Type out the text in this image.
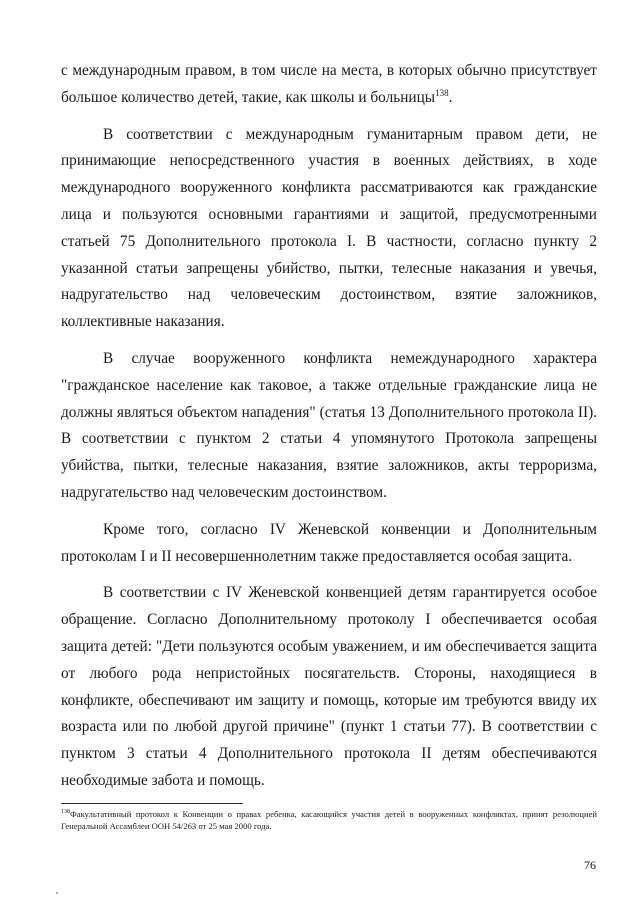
с международным правом, в том числе на места, в которых обычно присутствует большое количество детей, такие, как школы и больницы$^{138}$.

В соответствии с международным гуманитарным правом дети, не принимающие непосредственного участия в военных действиях, в ходе международного вооруженного конфликта рассматриваются как гражданские лица и пользуются основными гарантиями и защитой, предусмотренными статьей 75 Дополнительного протокола I. В частности, согласно пункту 2 указанной статьи запрещены убийство, пытки, телесные наказания и увечья, надругательство над человеческим достоинством, взятие заложников, коллективные наказания.

В случае вооруженного конфликта немеждународного характера "гражданское население как таковое, а также отдельные гражданские лица не должны являться объектом нападения" (статья 13 Дополнительного протокола II). В соответствии с пунктом 2 статьи 4 упомянутого Протокола запрещены убийства, пытки, телесные наказания, взятие заложников, акты терроризма, надругательство над человеческим достоинством.

Кроме того, согласно IV Женевской конвенции и Дополнительным протоколам I и II несовершеннолетним также предоставляется особая защита.

В соответствии с IV Женевской конвенцией детям гарантируется особое обращение. Согласно Дополнительному протоколу I обеспечивается особая защита детей: "Дети пользуются особым уважением, и им обеспечивается защита от любого рода непристойных посягательств. Стороны, находящиеся в конфликте, обеспечивают им защиту и помощь, которые им требуются ввиду их возраста или по любой другой причине" (пункт 1 статьи 77). В соответствии с пунктом 3 статьи 4 Дополнительного протокола II детям обеспечиваются необходимые забота и помощь.

$^{138}$Факультативный протокол к Конвенции о правах ребенка, касающийся участия детей в вооруженных конфликтах, принят резолюцией Генеральной Ассамблеи ООН 54/263 от 25 мая 2000 года.
76
